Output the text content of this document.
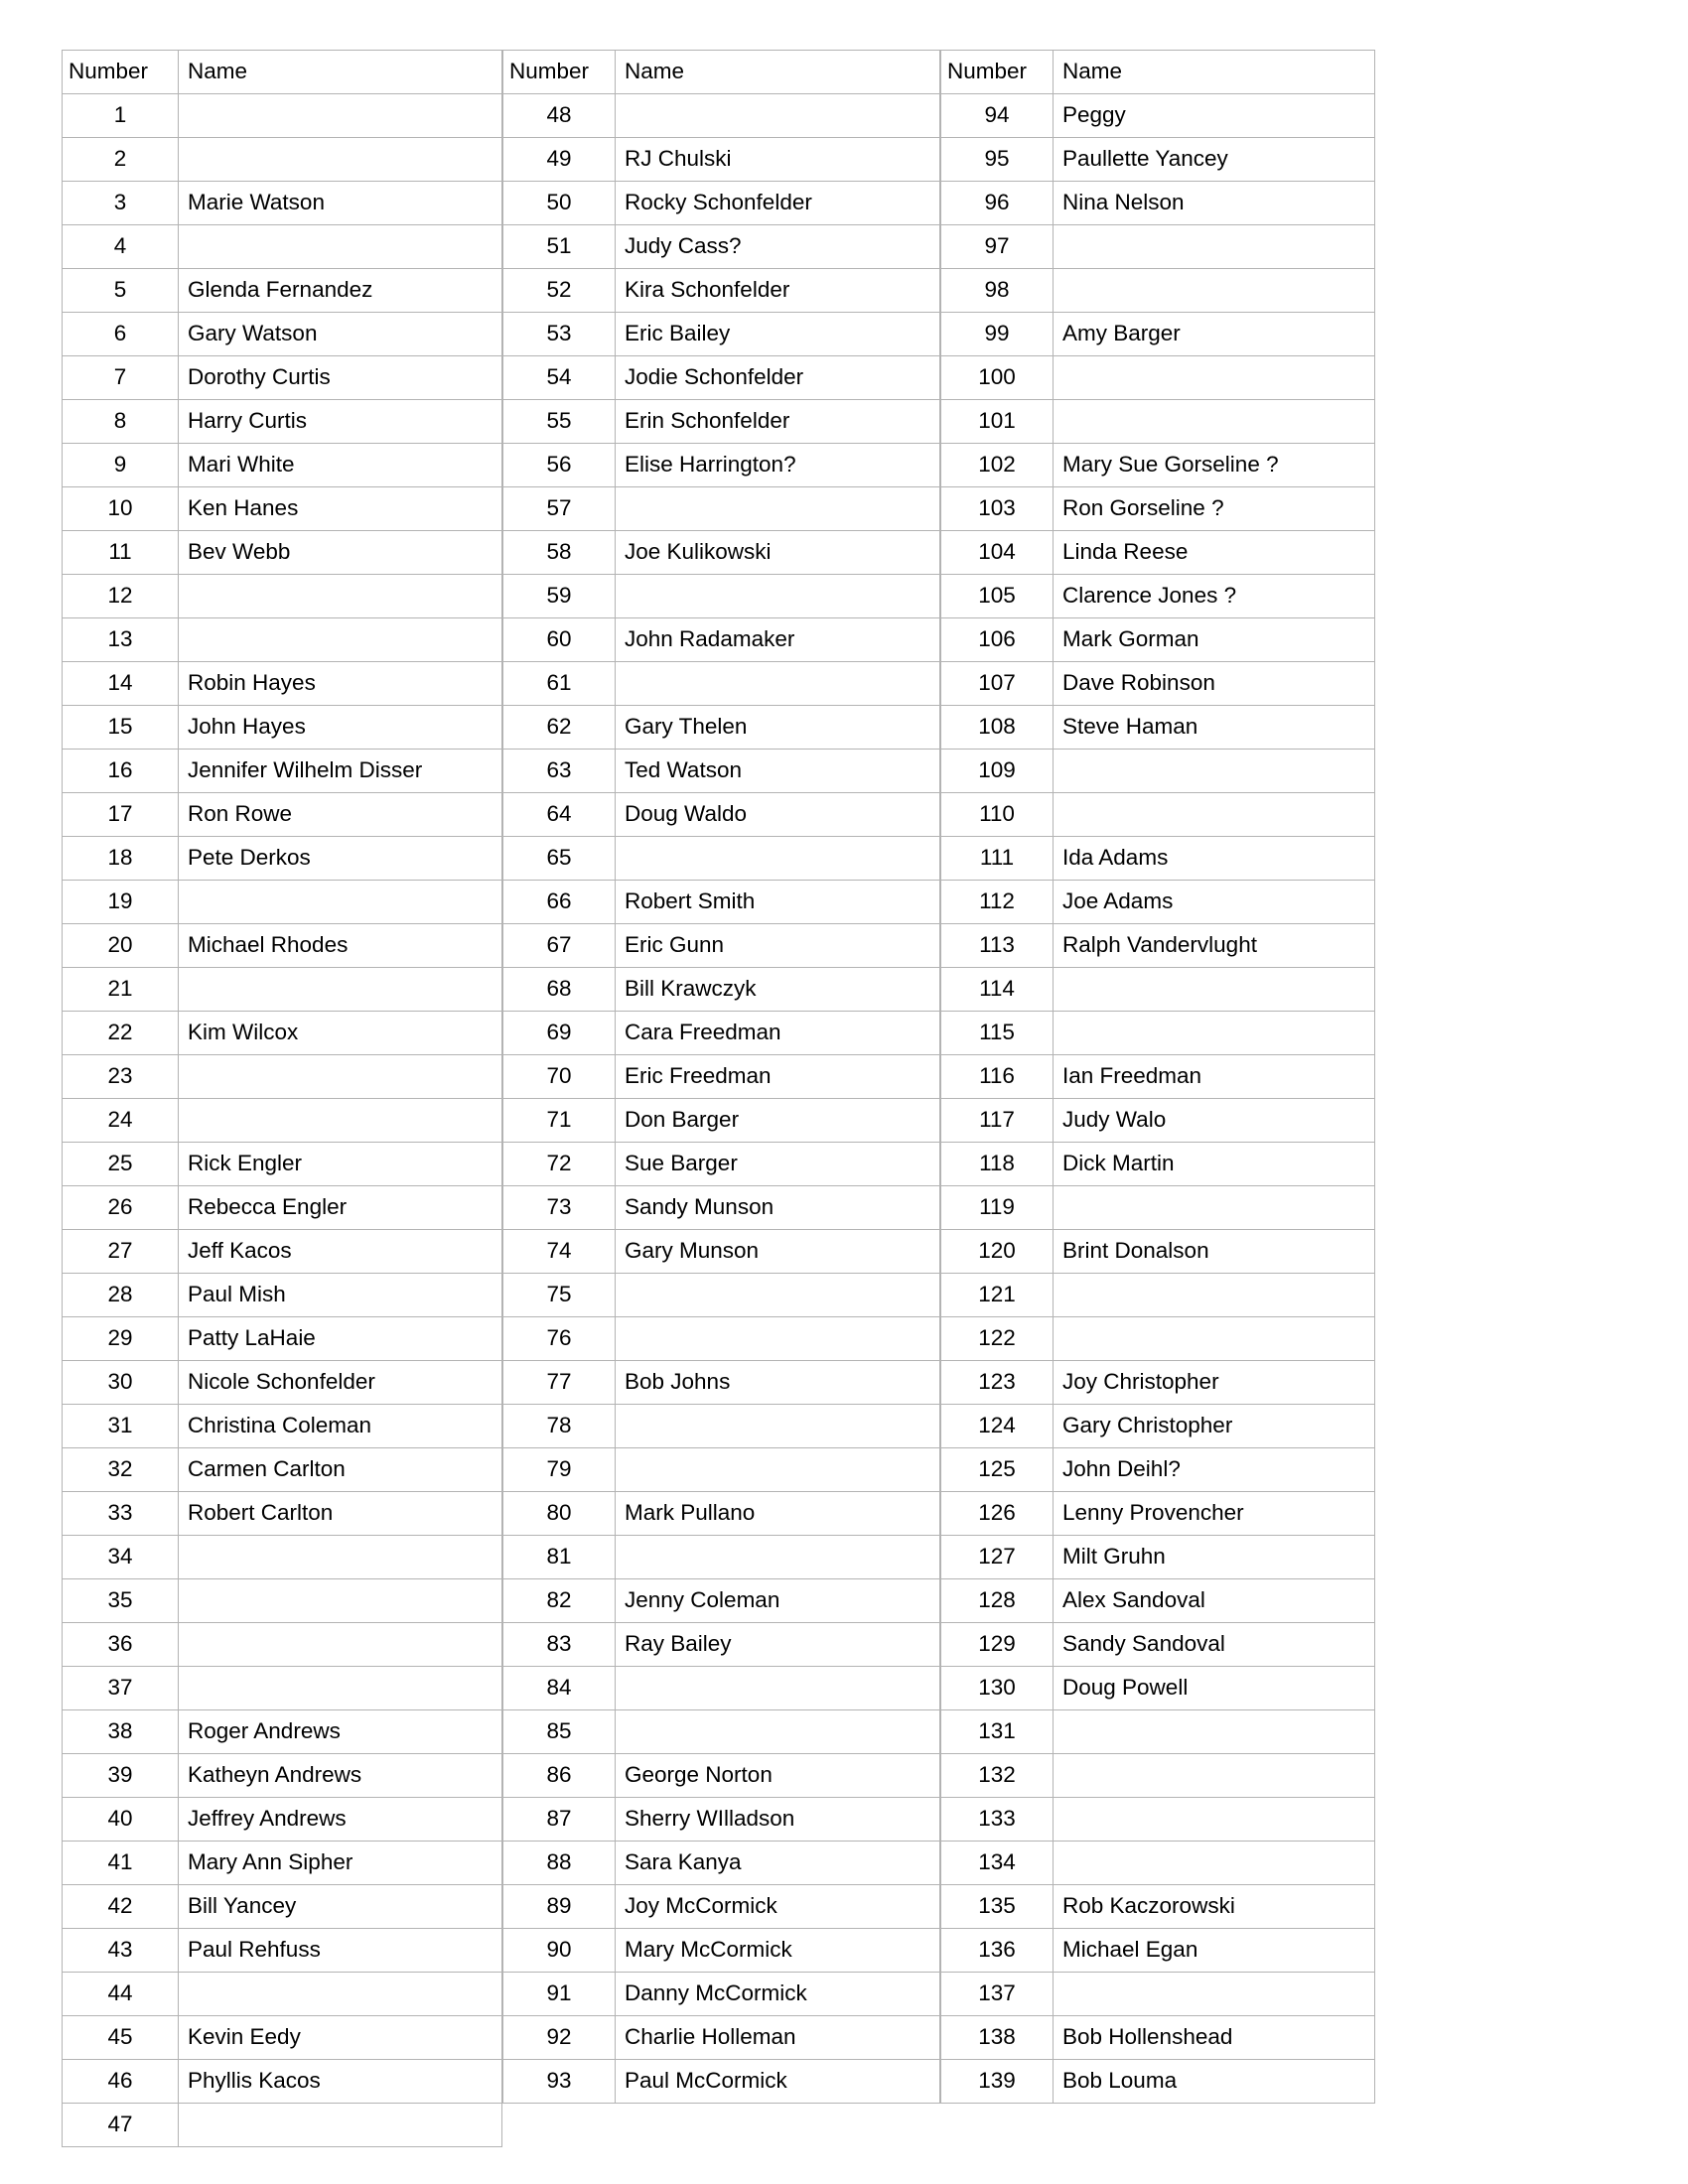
Number	Name
1	
2	
3	Marie Watson
4	
5	Glenda Fernandez
6	Gary Watson
7	Dorothy Curtis
8	Harry Curtis
9	Mari White
10	Ken Hanes
11	Bev Webb
12	
13	
14	Robin Hayes
15	John Hayes
16	Jennifer Wilhelm Disser
17	Ron Rowe
18	Pete Derkos
19	
20	Michael Rhodes
21	
22	Kim Wilcox
23	
24	
25	Rick Engler
26	Rebecca Engler
27	Jeff Kacos
28	Paul Mish
29	Patty LaHaie
30	Nicole Schonfelder
31	Christina Coleman
32	Carmen Carlton
33	Robert Carlton
34	
35	
36	
37	
38	Roger Andrews
39	Katheyn Andrews
40	Jeffrey Andrews
41	Mary Ann Sipher
42	Bill Yancey
43	Paul Rehfuss
44	
45	Kevin Eedy
46	Phyllis Kacos
47	
Number	Name
48	
49	RJ Chulski
50	Rocky Schonfelder
51	Judy Cass?
52	Kira Schonfelder
53	Eric Bailey
54	Jodie Schonfelder
55	Erin Schonfelder
56	Elise Harrington?
57	
58	Joe Kulikowski
59	
60	John Radamaker
61	
62	Gary Thelen
63	Ted Watson
64	Doug Waldo
65	
66	Robert Smith
67	Eric Gunn
68	Bill Krawczyk
69	Cara Freedman
70	Eric Freedman
71	Don Barger
72	Sue Barger
73	Sandy Munson
74	Gary Munson
75	
76	
77	Bob Johns
78	
79	
80	Mark Pullano
81	
82	Jenny Coleman
83	Ray Bailey
84	
85	
86	George Norton
87	Sherry WIlladson
88	Sara Kanya
89	Joy McCormick
90	Mary McCormick
91	Danny McCormick
92	Charlie Holleman
93	Paul McCormick
Number	Name
94	Peggy
95	Paullette Yancey
96	Nina Nelson
97	
98	
99	Amy Barger
100	
101	
102	Mary Sue Gorseline ?
103	Ron Gorseline ?
104	Linda Reese
105	Clarence Jones ?
106	Mark Gorman
107	Dave Robinson
108	Steve Haman
109	
110	
111	Ida Adams
112	Joe Adams
113	Ralph Vandervlught
114	
115	
116	Ian Freedman
117	Judy Walo
118	Dick Martin
119	
120	Brint Donalson
121	
122	
123	Joy Christopher
124	Gary Christopher
125	John Deihl?
126	Lenny Provencher
127	Milt Gruhn
128	Alex Sandoval
129	Sandy Sandoval
130	Doug Powell
131	
132	
133	
134	
135	Rob Kaczorowski
136	Michael Egan
137	
138	Bob Hollenshead
139	Bob Louma
